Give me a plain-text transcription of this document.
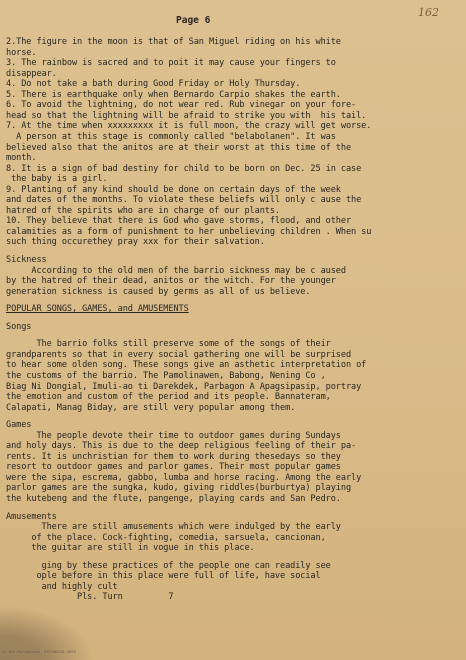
162
Page 6
2.The figure in the moon is that of San Miguel riding on his white
horse.
3. The rainbow is sacred and to poit it may cause your fingers to
disappear.
4. Do not take a bath during Good Friday or Holy Thursday.
5. There is earthquake only when Bernardo Carpio shakes the earth.
6. To avoid the lightning, do not wear red. Rub vinegar on your fore-
head so that the lightning will be afraid to strike you with  his tail.
7. At the time when xxxxxxxxx it is full moon, the crazy will get worse.
A person at this stage is commonly called "belabolanen". It was
believed also that the anitos are at their worst at this time of the
month.
8. It is a sign of bad destiny for child to be born on Dec. 25 in case
the baby is a girl.
9. Planting of any kind should be done on certain days of the week
and dates of the months. To violate these beliefs will only c ause the
hatred of the spirits who are in charge of our plants.
10. They believe that there is God who gave storms, flood, and other
calamities as a form of punishment to her unbelieving children . When su
such thing occurethey pray xxx for their salvation.
Sickness
According to the old men of the barrio sickness may be c aused
by the hatred of their dead, anitos or the witch. For the younger
generation sickness is caused by germs as all of us believe.
POPULAR SONGS, GAMES, and AMUSEMENTS
Songs
The barrio folks still preserve some of the songs of their
grandparents so that in every social gathering one will be surprised
to hear some olden song. These songs give an asthetic interpretation of
the customs of the barrio. The Pamolinawen, Babong, Nening Co ,
Biag Ni Dongial, Imuli-ao ti Darekdek, Parbagon A Apagsipasip, portray
the emotion and custom of the period and its people. Bannateram,
Calapati, Manag Biday, are still very popular among them.
Games
The people devote their time to outdoor games during Sundays
and holy days. This is due to the deep religious feeling of their pa-
rents. It is unchristian for them to work during thesedays so they
resort to outdoor games and parlor games. Their most popular games
were the sipa, escrema, gabbo, lumba and horse racing. Among the early
parlor games are the sungka, kudo, giving riddles(burburtya) playing
the kutebeng and the flute, pangenge, playing cards and San Pedro.
Amusements
There are still amusements which were indulged by the early
of the place. Cock-fighting, comedia, sarsuela, cancionan,
the guitar are still in vogue in this place.
ging by these practices of the people one can readily see
ople before in this place were full of life, have social
and highly cult
Pls. Turn         7
In the Philippines  HISTORICAL DATA
